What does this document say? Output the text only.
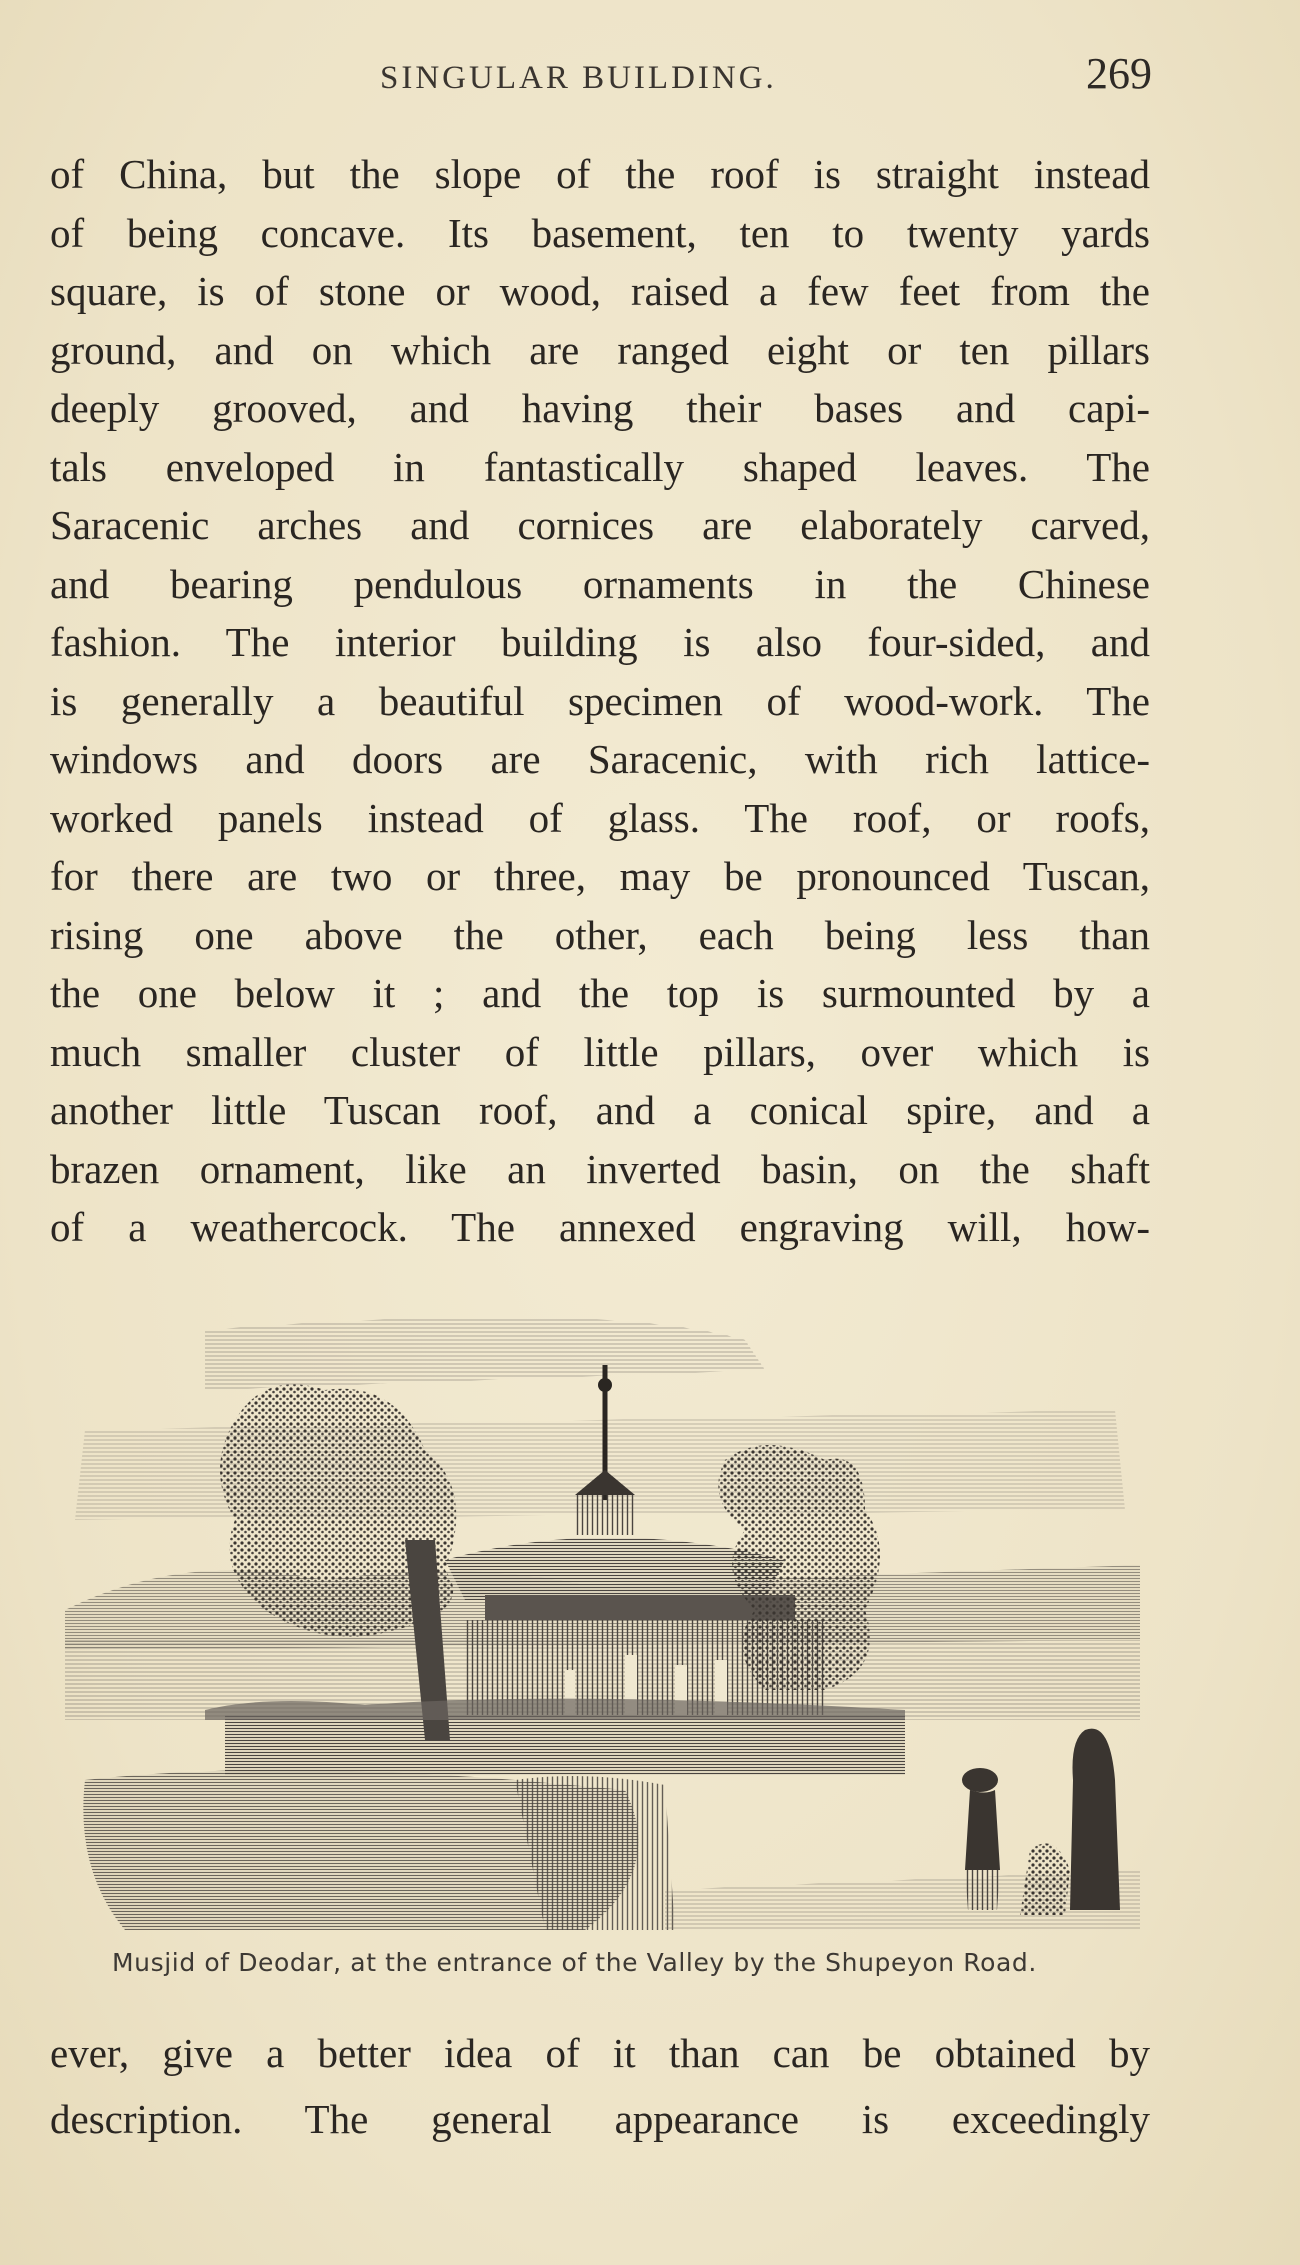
SINGULAR BUILDING.	269
of China, but the slope of the roof is straight instead
of being concave. Its basement, ten to twenty yards
square, is of stone or wood, raised a few feet from the
ground, and on which are ranged eight or ten pillars
deeply grooved, and having their bases and capi-
tals enveloped in fantastically shaped leaves. The
Saracenic arches and cornices are elaborately carved,
and bearing pendulous ornaments in the Chinese
fashion. The interior building is also four-sided, and
is generally a beautiful specimen of wood-work. The
windows and doors are Saracenic, with rich lattice-
worked panels instead of glass. The roof, or roofs,
for there are two or three, may be pronounced Tuscan,
rising one above the other, each being less than
the one below it ; and the top is surmounted by a
much smaller cluster of little pillars, over which is
another little Tuscan roof, and a conical spire, and a
brazen ornament, like an inverted basin, on the shaft
of a weathercock. The annexed engraving will, how-
Musjid of Deodar, at the entrance of the Valley by the Shupeyon Road.
ever, give a better idea of it than can be obtained by
description. The general appearance is exceedingly
